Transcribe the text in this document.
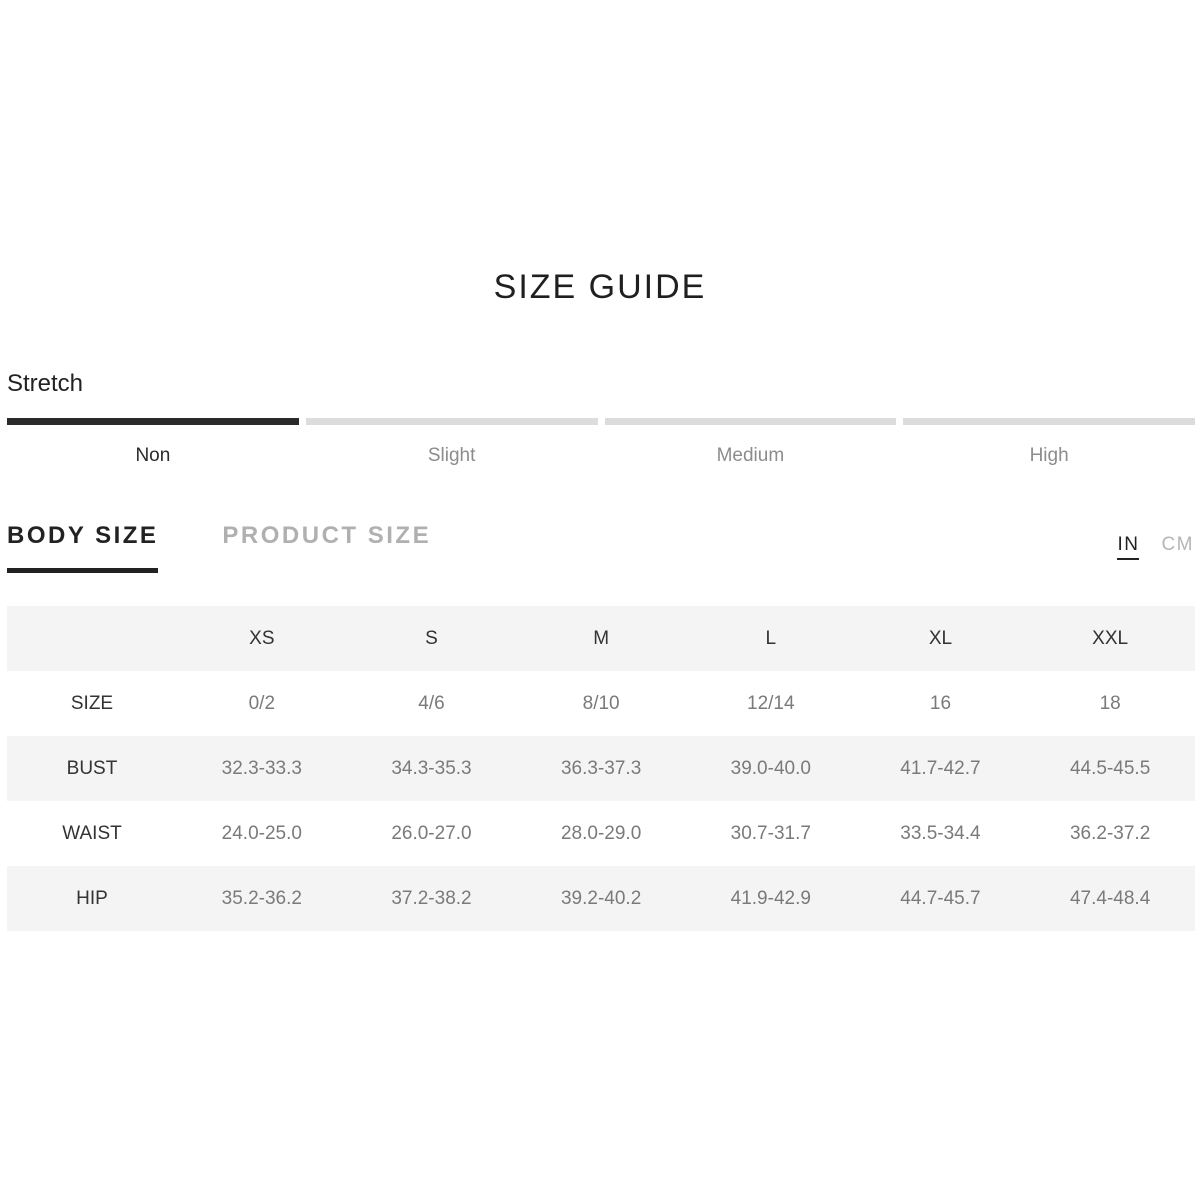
SIZE GUIDE
Stretch
Non	Slight	Medium	High
BODY SIZE	PRODUCT SIZE	IN CM
	XS	S	M	L	XL	XXL
SIZE	0/2	4/6	8/10	12/14	16	18
BUST	32.3-33.3	34.3-35.3	36.3-37.3	39.0-40.0	41.7-42.7	44.5-45.5
WAIST	24.0-25.0	26.0-27.0	28.0-29.0	30.7-31.7	33.5-34.4	36.2-37.2
HIP	35.2-36.2	37.2-38.2	39.2-40.2	41.9-42.9	44.7-45.7	47.4-48.4
